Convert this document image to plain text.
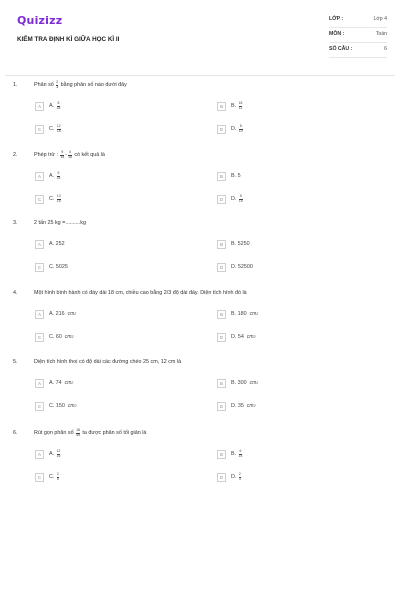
Quizizz
KIỂM TRA ĐỊNH KÌ GIỮA HỌC KÌ II
LỚP :	Lớp 4
MÔN :	Toán
SỐ CÂU :	6
1.	Phân số
$\frac{2}{3}$ bằng phân số nào dưới đây
A	A.
$\frac{8}{18}$	B	B.
$\frac{18}{12}$
C	C.
$\frac{12}{18}$	D	D.
$\frac{8}{10}$
2.	Phép trừ :
$\frac{9}{15} - \frac{4}{15}$ có kết quả là
A	A.
$\frac{5}{15}$	B	B.
5
C	C.
$\frac{13}{15}$	D	D.
$\frac{5}{15}$
3.	2 tấn 25 kg =..........kg
A	A.
252	B	B.
5250
C	C.
5025	D	D.
52500
4.	Một hình bình hành có đáy dài 18 cm, chiều cao bằng 2/3 độ dài đáy. Diện tích hình đó là
A	A.
216 cm 2	B	B.
180 cm 2
C	C.
60 cm 2	D	D.
54 cm 2
5.	Diện tích hình thoi có độ dài các đường chéo 25 cm, 12 cm là
A	A.
74 cm 2	B	B.
300 cm 2
C	C.
150 cm 2	D	D.
35 cm 2
6.	Rút gọn phân số
$\frac{18}{45}$ ta được phân số tối giản là
A	A.
$\frac{12}{15}$	B	B.
$\frac{6}{15}$
C	C.
$\frac{2}{5}$	D	D.
$\frac{2}{3}$
